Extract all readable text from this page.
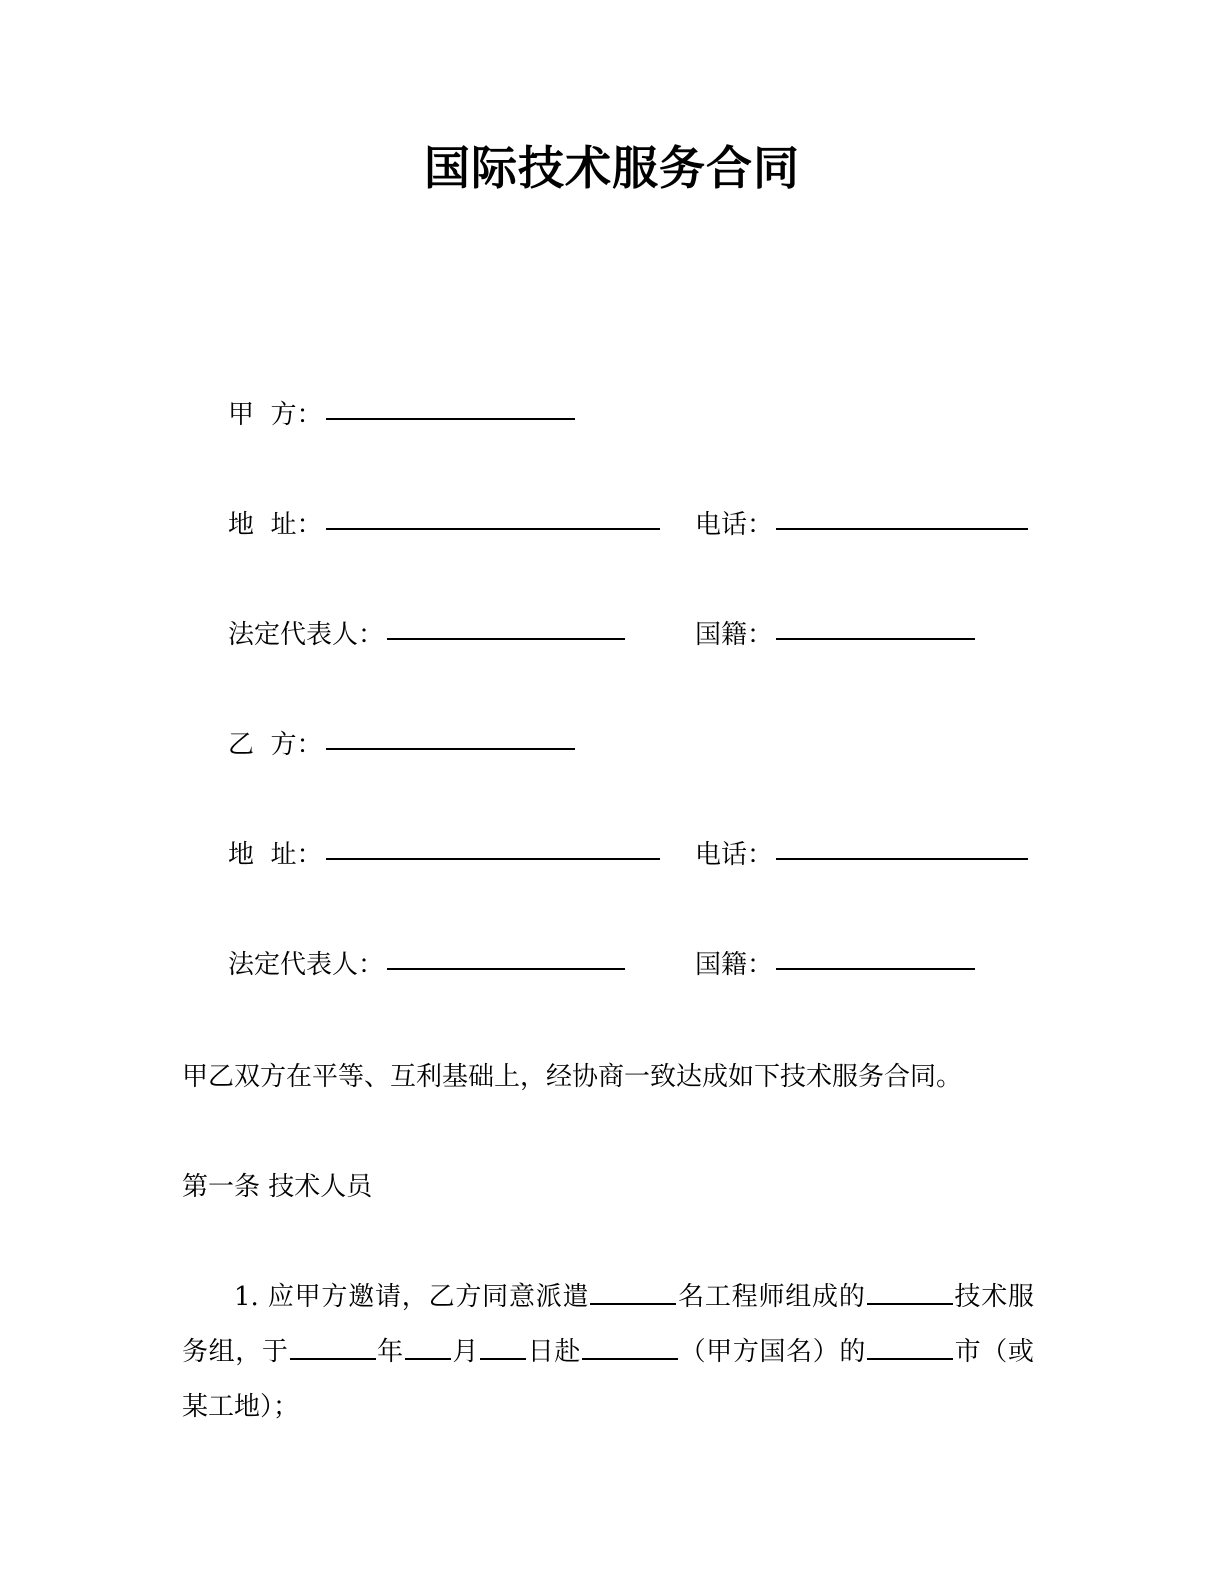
国际技术服务合同
甲  方：
地  址：	电话：
法定代表人：	国籍：
乙  方：
地  址：	电话：
法定代表人：	国籍：

甲乙双方在平等、互利基础上，经协商一致达成如下技术服务合同。

第一条 技术人员

1. 应甲方邀请，乙方同意派遣	名工程师组成的	技术服务组，于	年 月 日赴	（甲方国名）的	市（或某工地）；
